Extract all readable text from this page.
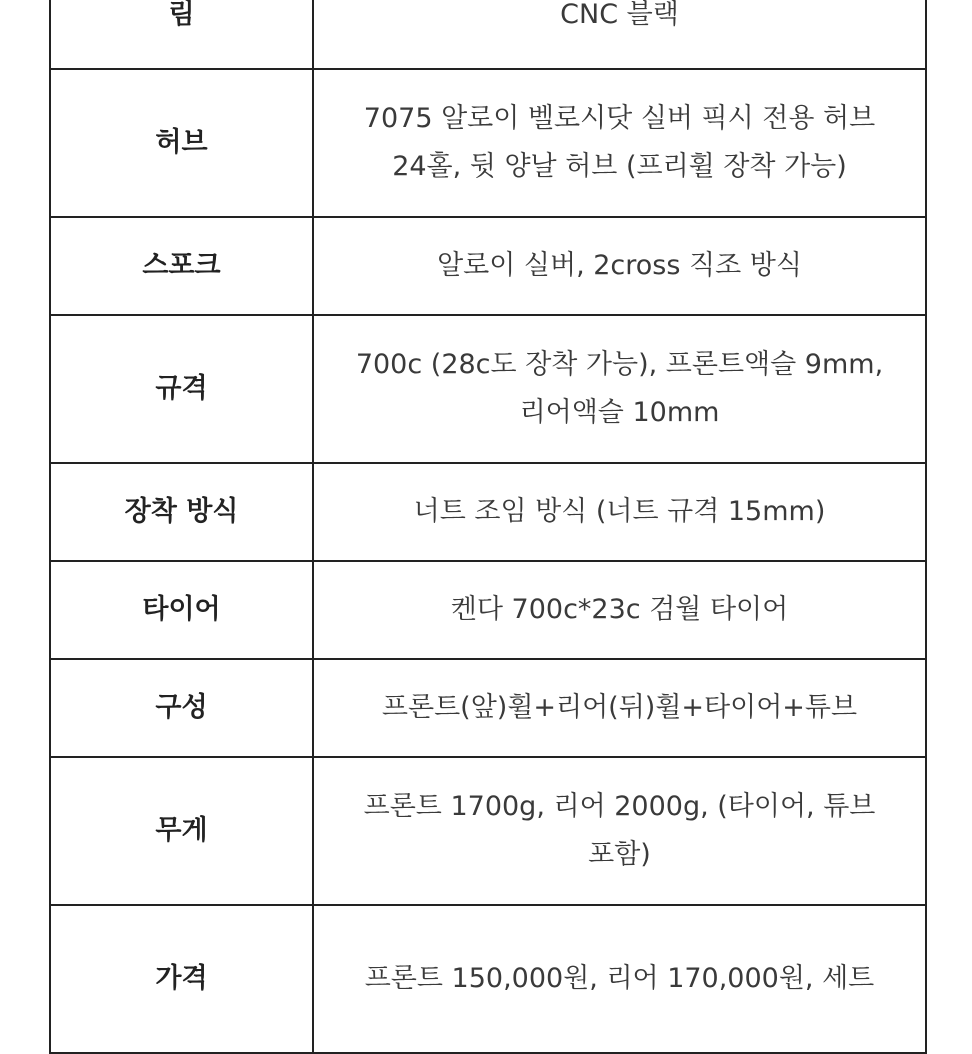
림	CNC 블랙
허브	7075 알로이 벨로시닷 실버 픽시 전용 허브 24홀, 뒷 양날 허브 (프리휠 장착 가능)
스포크	알로이 실버, 2cross 직조 방식
규격	700c (28c도 장착 가능), 프론트액슬 9mm, 리어액슬 10mm
장착 방식	너트 조임 방식 (너트 규격 15mm)
타이어	켄다 700c*23c 검월 타이어
구성	프론트(앞)휠+리어(뒤)휠+타이어+튜브
무게	프론트 1700g, 리어 2000g, (타이어, 튜브 포함)
가격	프론트 150,000원, 리어 170,000원, 세트
